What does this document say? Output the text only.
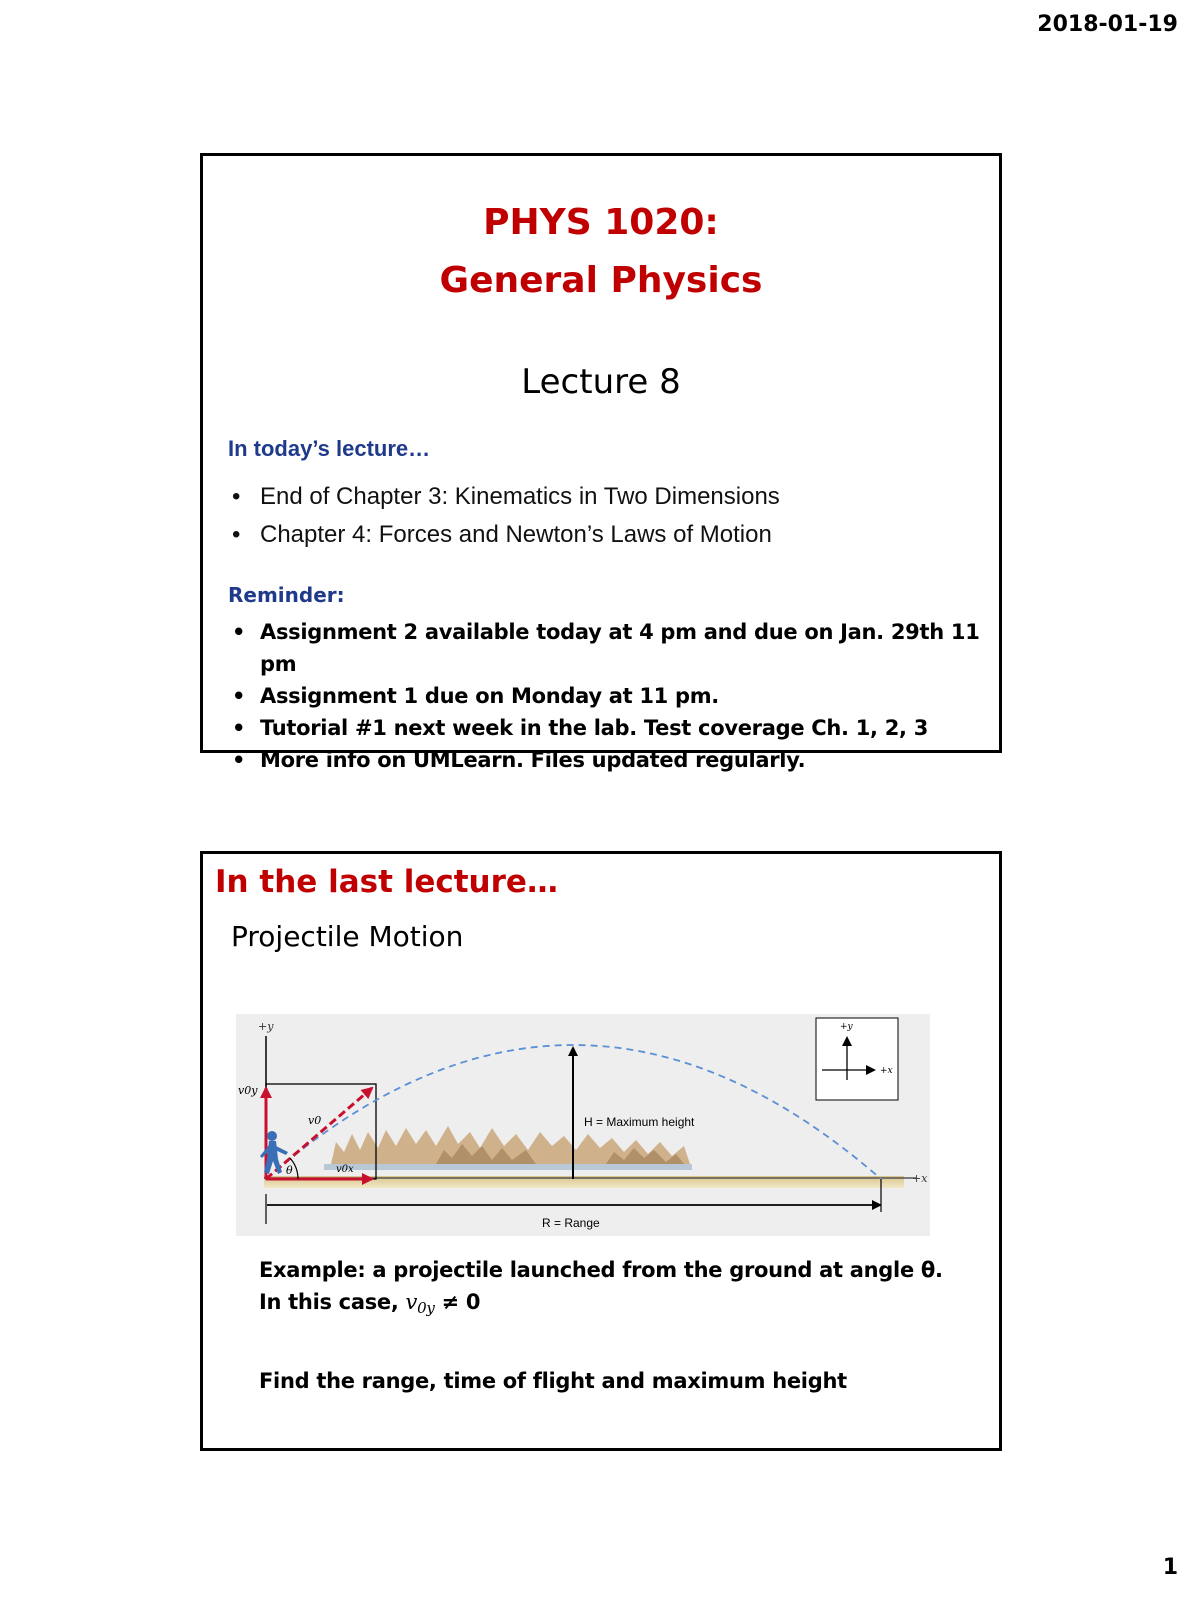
2018-01-19
PHYS 1020:
General Physics
Lecture 8
In today’s lecture…
• End of Chapter 3: Kinematics in Two Dimensions
• Chapter 4: Forces and Newton’s Laws of Motion
Reminder:
• Assignment 2 available today at 4 pm and due on Jan. 29th 11 pm
• Assignment 1 due on Monday at 11 pm.
• Tutorial #1 next week in the lab. Test coverage Ch. 1, 2, 3
• More info on UMLearn. Files updated regularly.
In the last lecture…
Projectile Motion
+x
+y
θ
v0y
v0
v0x
H = Maximum height
R = Range
+y
+x
Example: a projectile launched from the ground at angle θ.
In this case, v0y ≠ 0
Find the range, time of flight and maximum height
1
